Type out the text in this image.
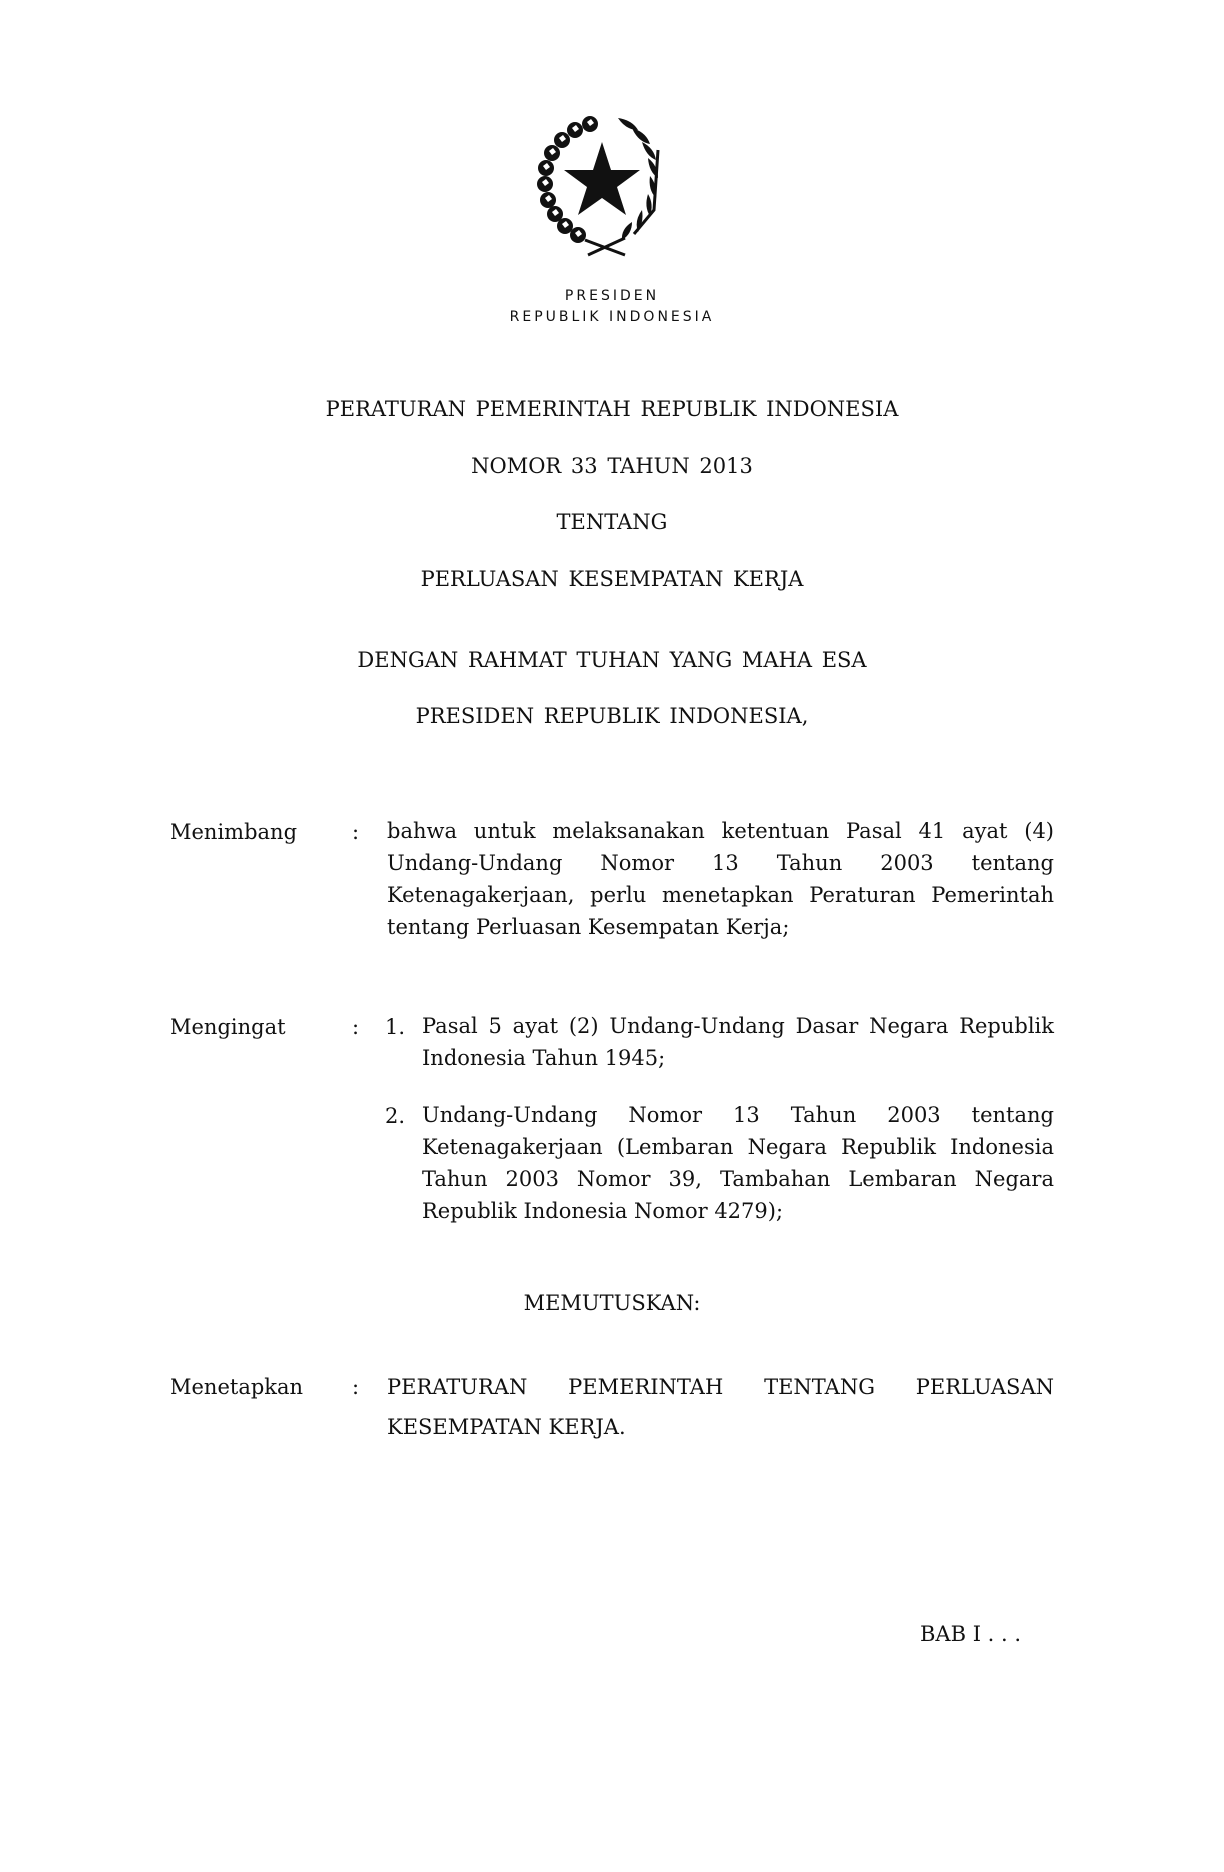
PRESIDEN
REPUBLIK INDONESIA
PERATURAN PEMERINTAH REPUBLIK INDONESIA
NOMOR 33 TAHUN 2013
TENTANG
PERLUASAN KESEMPATAN KERJA
DENGAN RAHMAT TUHAN YANG MAHA ESA
PRESIDEN REPUBLIK INDONESIA,
Menimbang	: bahwa untuk melaksanakan ketentuan Pasal 41 ayat (4) Undang-Undang Nomor 13 Tahun 2003 tentang Ketenagakerjaan, perlu menetapkan Peraturan Pemerintah tentang Perluasan Kesempatan Kerja;
Mengingat	: 1. Pasal 5 ayat (2) Undang-Undang Dasar Negara Republik Indonesia Tahun 1945;
2. Undang-Undang Nomor 13 Tahun 2003 tentang Ketenagakerjaan (Lembaran Negara Republik Indonesia Tahun 2003 Nomor 39, Tambahan Lembaran Negara Republik Indonesia Nomor 4279);
MEMUTUSKAN:
Menetapkan : PERATURAN PEMERINTAH TENTANG PERLUASAN
KESEMPATAN KERJA.
BAB I . . .
